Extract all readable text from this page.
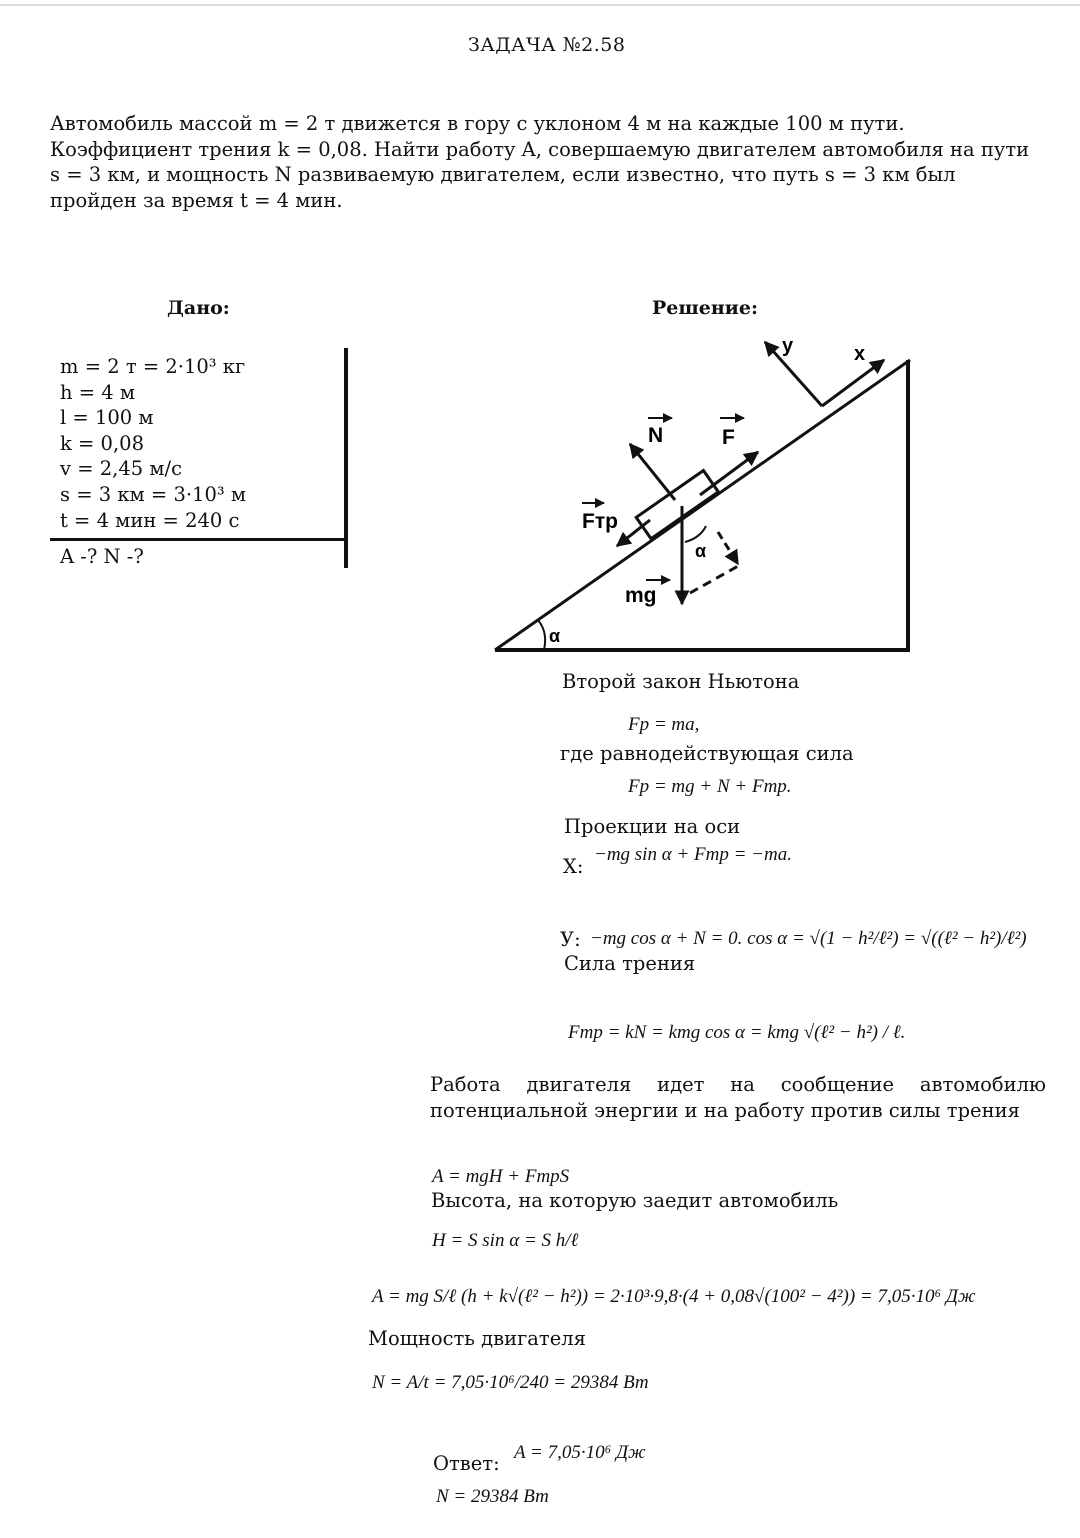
ЗАДАЧА №2.58
Автомобиль массой m = 2 т движется в гору с уклоном 4 м на каждые 100 м пути. Коэффициент трения k = 0,08. Найти работу A, совершаемую двигателем автомобиля на пути s = 3 км, и мощность N развиваемую двигателем, если известно, что путь s = 3 км был пройден за время t = 4 мин.
Дано:
m = 2 т = 2·10³ кг
h = 4 м
l = 100 м
k = 0,08
v = 2,45 м/с
s = 3 км = 3·10³ м
t = 4 мин = 240 с
A -? N -?
Решение:
y	x
N	F
Fтр
mg
α
α
Второй закон Ньютона
Fр = ma,
где равнодействующая сила
Fр = mg + N + Fтр.
Проекции на оси
X:
−mg sin α + Fтр = −ma.
У: −mg cos α + N = 0. cos α = √(1 − h²/ℓ²) = √((ℓ² − h²)/ℓ²)
Сила трения
Fтр = kN = kmg cos α = kmg √(ℓ² − h²) / ℓ.
Работа двигателя идет на сообщение автомобилю потенциальной энергии и на работу против силы трения
A = mgH + FтрS
Высота, на которую заедит автомобиль
H = S sin α = S h/ℓ
A = mg S/ℓ (h + k√(ℓ² − h²)) = 2·10³·9,8·(4 + 0,08√(100² − 4²)) = 7,05·10⁶ Дж
Мощность двигателя
N = A/t = 7,05·10⁶/240 = 29384 Вт
Ответ: A = 7,05·10⁶ Дж
N = 29384 Вт
